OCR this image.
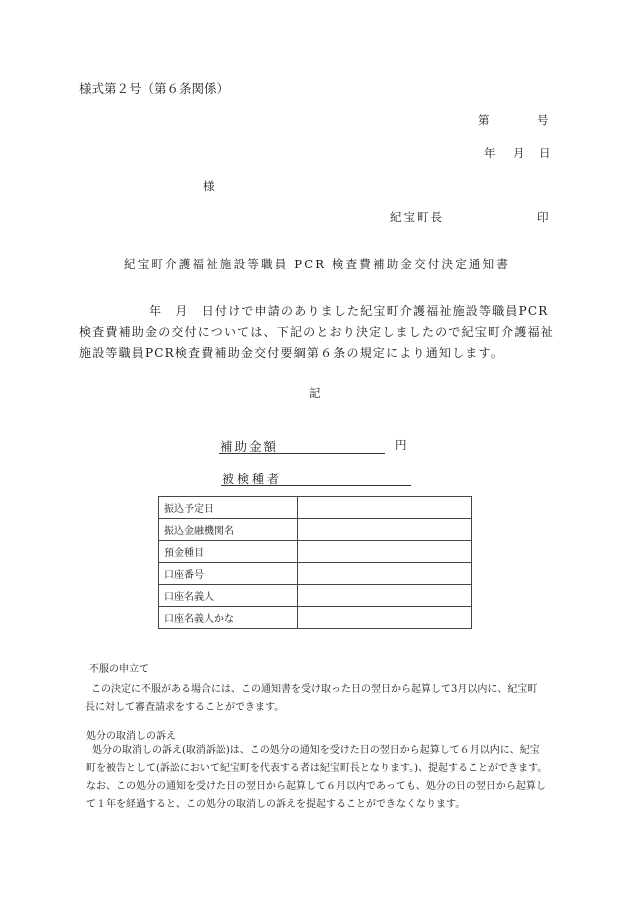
様式第２号（第６条関係）
第	号
年 月 日
様
紀宝町長	印
紀宝町介護福祉施設等職員 PCR 検査費補助金交付決定通知書
年　月　日付けで申請のありました紀宝町介護福祉施設等職員PCR
検査費補助金の交付については、下記のとおり決定しましたので紀宝町介護福祉
施設等職員PCR検査費補助金交付要綱第６条の規定により通知します。
記
補助金額	円
被検種者
振込予定日	
振込金融機関名	
預金種目	
口座番号	
口座名義人	
口座名義人かな	
不服の申立て
この決定に不服がある場合には、この通知書を受け取った日の翌日から起算して3月以内に、紀宝町
長に対して審査請求をすることができます。
処分の取消しの訴え
処分の取消しの訴え(取消訴訟)は、この処分の通知を受けた日の翌日から起算して６月以内に、紀宝
町を被告として(訴訟において紀宝町を代表する者は紀宝町長となります。)、提起することができます。
なお、この処分の通知を受けた日の翌日から起算して６月以内であっても、処分の日の翌日から起算し
て１年を経過すると、この処分の取消しの訴えを提起することができなくなります。
